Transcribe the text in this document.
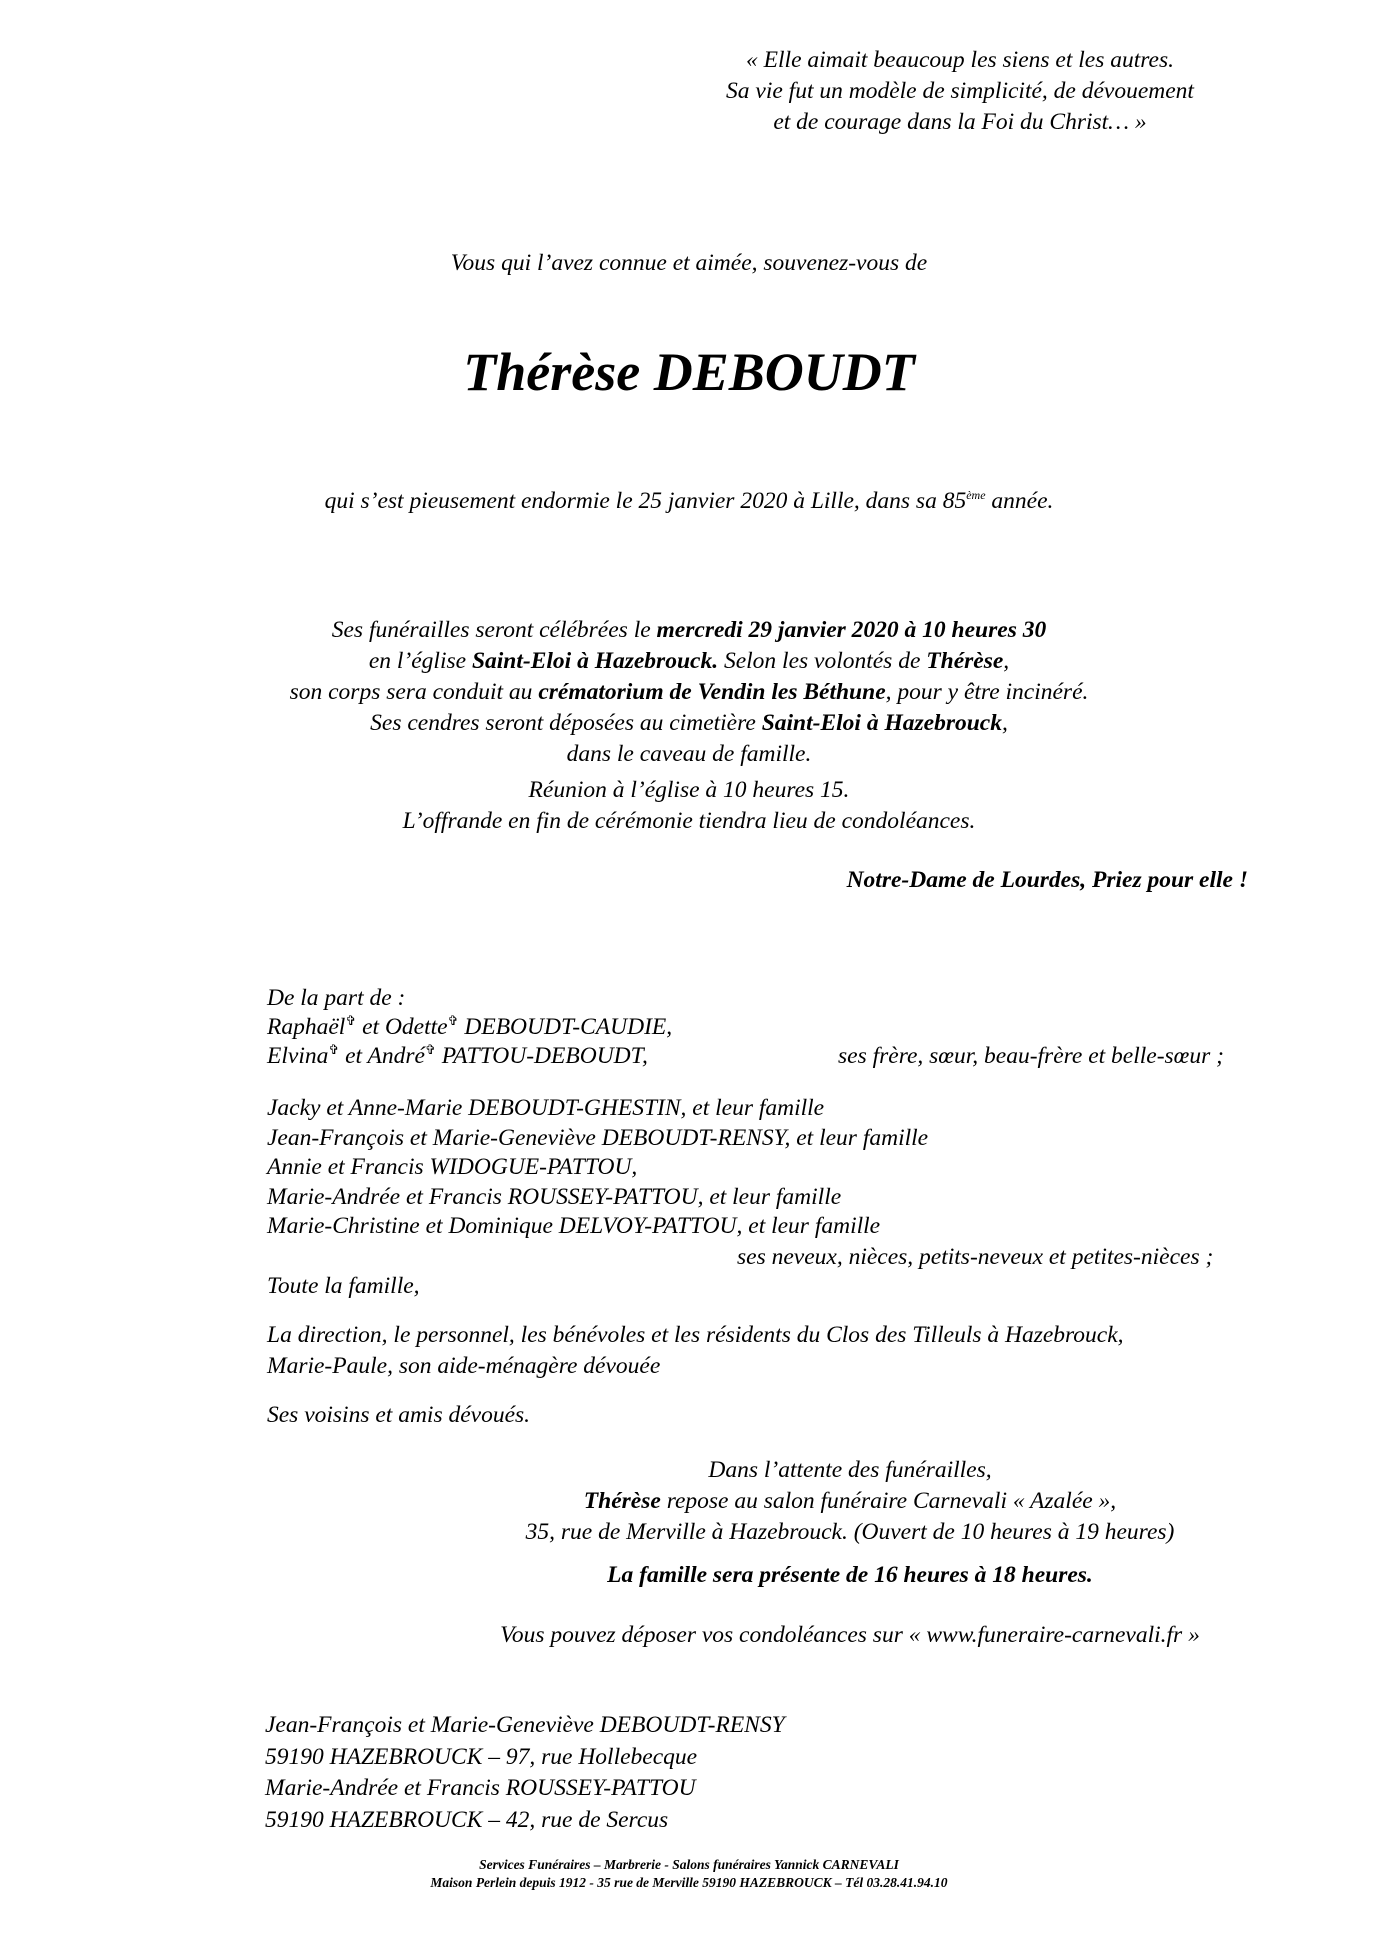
« Elle aimait beaucoup les siens et les autres.
Sa vie fut un modèle de simplicité, de dévouement
et de courage dans la Foi du Christ… »
Vous qui l’avez connue et aimée, souvenez-vous de
Thérèse DEBOUDT
qui s’est pieusement endormie le 25 janvier 2020 à Lille, dans sa 85ème année.
Ses funérailles seront célébrées le mercredi 29 janvier 2020 à 10 heures 30
en l’église Saint-Eloi à Hazebrouck. Selon les volontés de Thérèse,
son corps sera conduit au crématorium de Vendin les Béthune, pour y être incinéré.
Ses cendres seront déposées au cimetière Saint-Eloi à Hazebrouck,
dans le caveau de famille.
Réunion à l’église à 10 heures 15.
L’offrande en fin de cérémonie tiendra lieu de condoléances.
Notre-Dame de Lourdes, Priez pour elle !
De la part de :
Raphaël✞ et Odette✞ DEBOUDT-CAUDIE,
Elvina✞ et André✞ PATTOU-DEBOUDT,	ses frère, sœur, beau-frère et belle-sœur ;
Jacky et Anne-Marie DEBOUDT-GHESTIN, et leur famille
Jean-François et Marie-Geneviève DEBOUDT-RENSY, et leur famille
Annie et Francis WIDOGUE-PATTOU,
Marie-Andrée et Francis ROUSSEY-PATTOU, et leur famille
Marie-Christine et Dominique DELVOY-PATTOU, et leur famille
ses neveux, nièces, petits-neveux et petites-nièces ;
Toute la famille,
La direction, le personnel, les bénévoles et les résidents du Clos des Tilleuls à Hazebrouck,
Marie-Paule, son aide-ménagère dévouée
Ses voisins et amis dévoués.
Dans l’attente des funérailles,
Thérèse repose au salon funéraire Carnevali « Azalée »,
35, rue de Merville à Hazebrouck. (Ouvert de 10 heures à 19 heures)
La famille sera présente de 16 heures à 18 heures.
Vous pouvez déposer vos condoléances sur « www.funeraire-carnevali.fr »
Jean-François et Marie-Geneviève DEBOUDT-RENSY
59190 HAZEBROUCK – 97, rue Hollebecque
Marie-Andrée et Francis ROUSSEY-PATTOU
59190 HAZEBROUCK – 42, rue de Sercus
Services Funéraires – Marbrerie - Salons funéraires Yannick CARNEVALI
Maison Perlein depuis 1912 - 35 rue de Merville 59190 HAZEBROUCK – Tél 03.28.41.94.10
